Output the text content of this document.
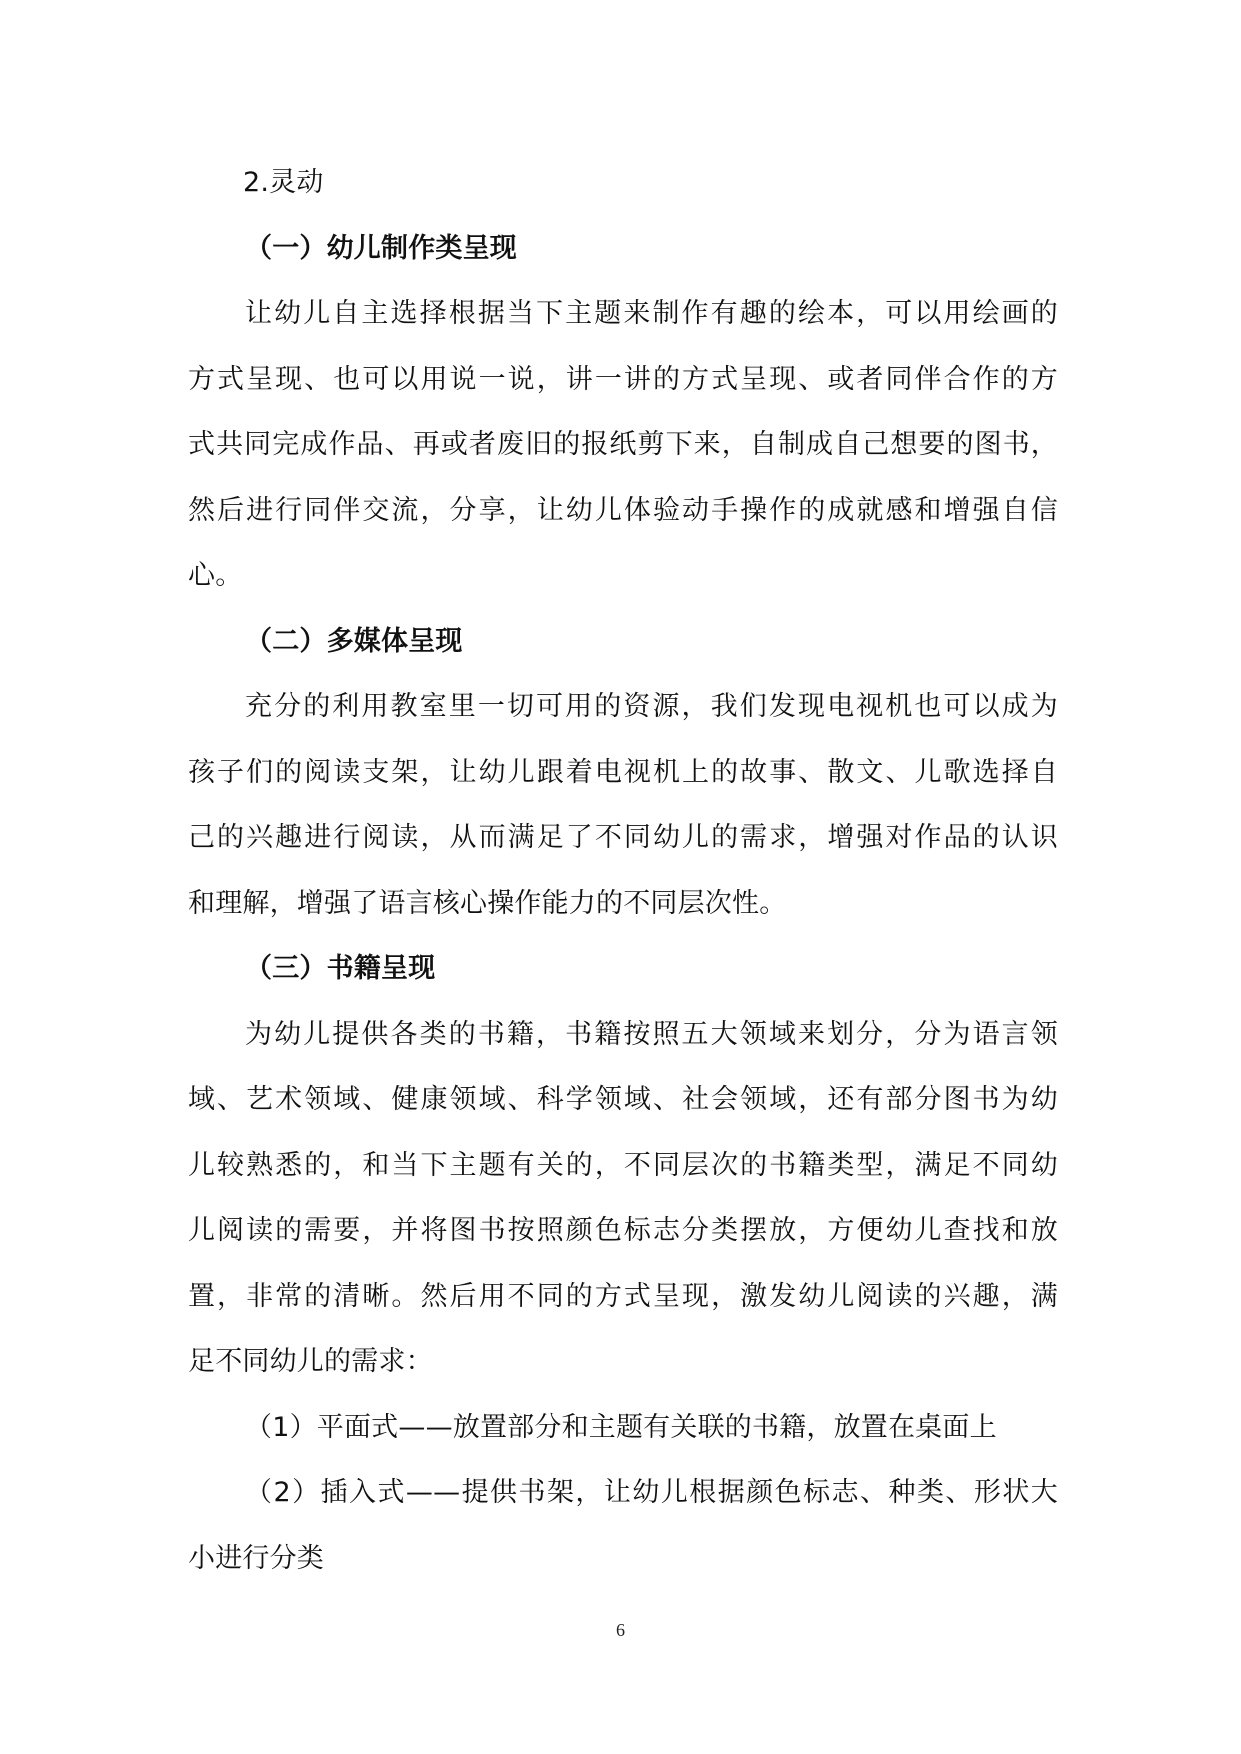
2.灵动
（一）幼儿制作类呈现
让幼儿自主选择根据当下主题来制作有趣的绘本，可以用绘画的
方式呈现、也可以用说一说，讲一讲的方式呈现、或者同伴合作的方
式共同完成作品、再或者废旧的报纸剪下来，自制成自己想要的图书，
然后进行同伴交流，分享，让幼儿体验动手操作的成就感和增强自信
心。
（二）多媒体呈现
充分的利用教室里一切可用的资源，我们发现电视机也可以成为
孩子们的阅读支架，让幼儿跟着电视机上的故事、散文、儿歌选择自
己的兴趣进行阅读，从而满足了不同幼儿的需求，增强对作品的认识
和理解，增强了语言核心操作能力的不同层次性。
（三）书籍呈现
为幼儿提供各类的书籍，书籍按照五大领域来划分，分为语言领
域、艺术领域、健康领域、科学领域、社会领域，还有部分图书为幼
儿较熟悉的，和当下主题有关的，不同层次的书籍类型，满足不同幼
儿阅读的需要，并将图书按照颜色标志分类摆放，方便幼儿查找和放
置，非常的清晰。然后用不同的方式呈现，激发幼儿阅读的兴趣，满
足不同幼儿的需求：
（1）平面式——放置部分和主题有关联的书籍，放置在桌面上
（2）插入式——提供书架，让幼儿根据颜色标志、种类、形状大
小进行分类
6
